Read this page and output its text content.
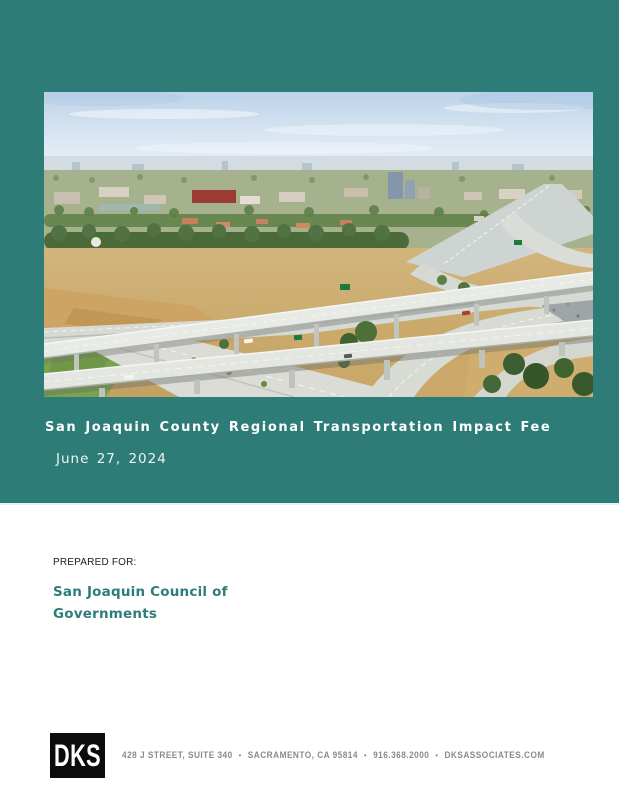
San Joaquin County Regional Transportation Impact Fee
June 27, 2024
PREPARED FOR:
San Joaquin Council of
Governments
DKS 428 J STREET, SUITE 340 • SACRAMENTO, CA 95814 • 916.368.2000 • DKSASSOCIATES.COM
